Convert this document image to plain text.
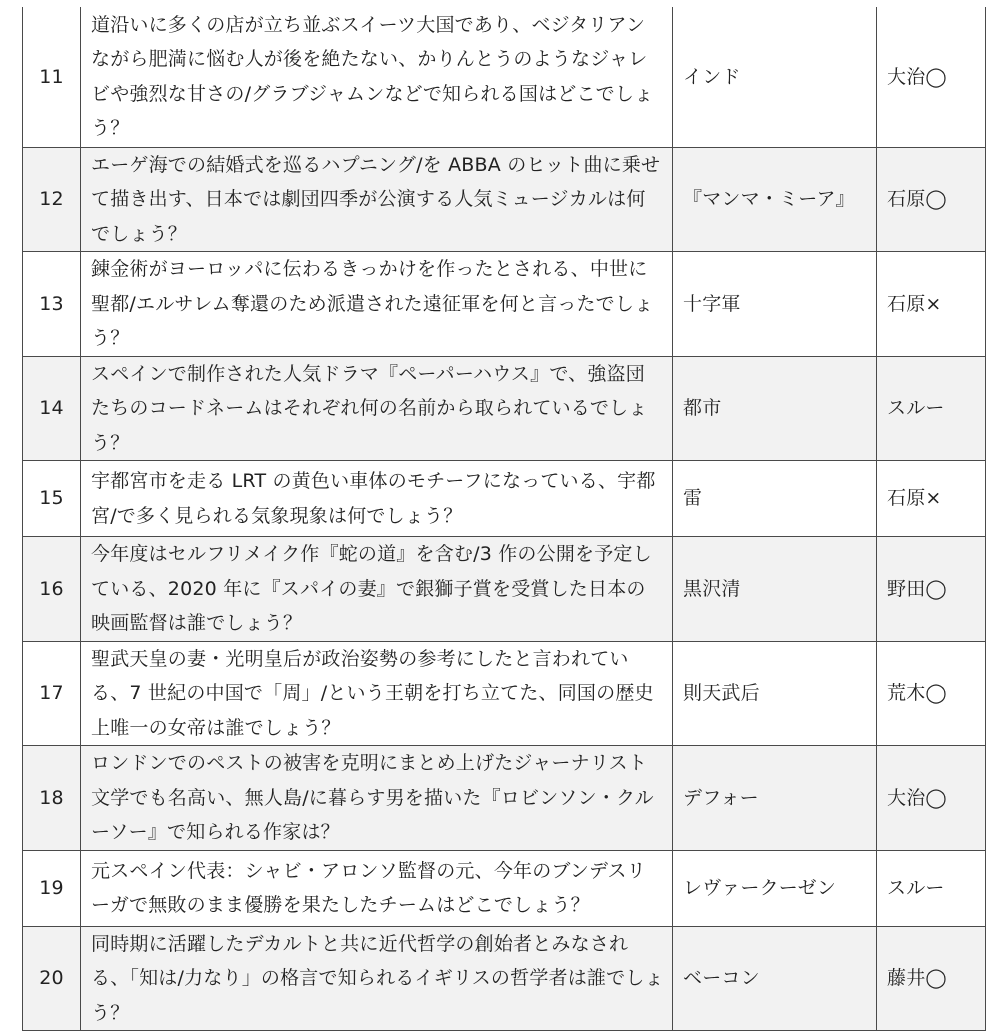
11	道沿いに多くの店が立ち並ぶスイーツ大国であり、ベジタリアンながら肥満に悩む人が後を絶たない、かりんとうのようなジャレビや強烈な甘さの/グラブジャムンなどで知られる国はどこでしょう？	インド	大治◯
12	エーゲ海での結婚式を巡るハプニング/を ABBA のヒット曲に乗せて描き出す、日本では劇団四季が公演する人気ミュージカルは何でしょう？	『マンマ・ミーア』	石原◯
13	錬金術がヨーロッパに伝わるきっかけを作ったとされる、中世に聖都/エルサレム奪還のため派遣された遠征軍を何と言ったでしょう？	十字軍	石原×
14	スペインで制作された人気ドラマ『ペーパーハウス』で、強盗団たちのコードネームはそれぞれ何の名前から取られているでしょう？	都市	スルー
15	宇都宮市を走る LRT の黄色い車体のモチーフになっている、宇都宮/で多く見られる気象現象は何でしょう？	雷	石原×
16	今年度はセルフリメイク作『蛇の道』を含む/3 作の公開を予定している、2020 年に『スパイの妻』で銀獅子賞を受賞した日本の映画監督は誰でしょう？	黒沢清	野田◯
17	聖武天皇の妻・光明皇后が政治姿勢の参考にしたと言われている、7 世紀の中国で「周」/という王朝を打ち立てた、同国の歴史上唯一の女帝は誰でしょう？	則天武后	荒木◯
18	ロンドンでのペストの被害を克明にまとめ上げたジャーナリスト文学でも名高い、無人島/に暮らす男を描いた『ロビンソン・クルーソー』で知られる作家は？	デフォー	大治◯
19	元スペイン代表：シャビ・アロンソ監督の元、今年のブンデスリーガで無敗のまま優勝を果たしたチームはどこでしょう？	レヴァークーゼン	スルー
20	同時期に活躍したデカルトと共に近代哲学の創始者とみなされる、「知は/力なり」の格言で知られるイギリスの哲学者は誰でしょう？	ベーコン	藤井◯
